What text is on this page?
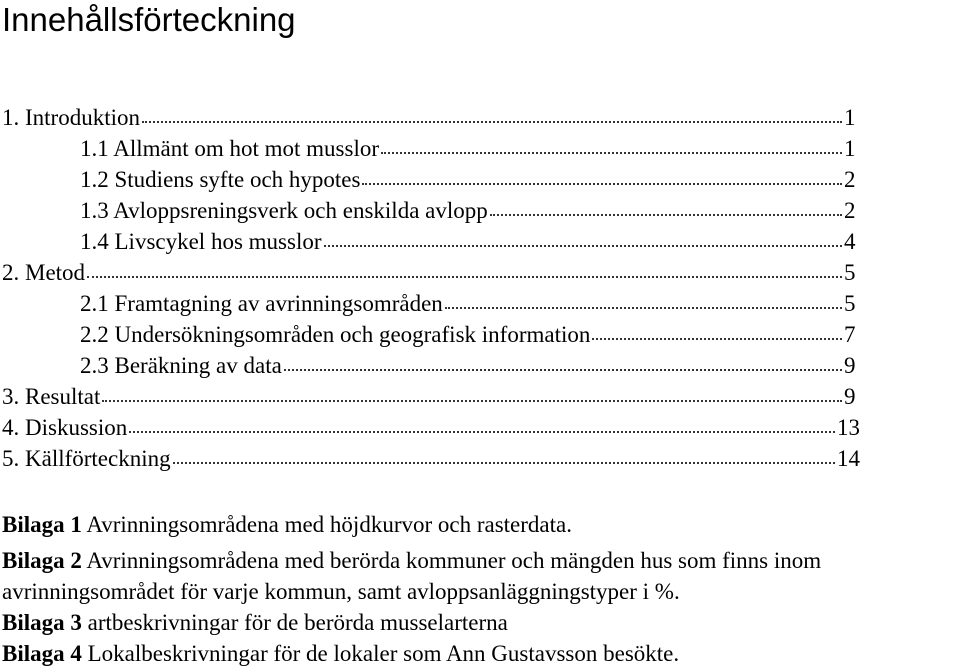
Innehållsförteckning
1. Introduktion	1
1.1 Allmänt om hot mot musslor	1
1.2 Studiens syfte och hypotes	2
1.3 Avloppsreningsverk och enskilda avlopp	2
1.4 Livscykel hos musslor	4
2. Metod	5
2.1 Framtagning av avrinningsområden	5
2.2 Undersökningsområden och geografisk information	7
2.3 Beräkning av data	9
3. Resultat	9
4. Diskussion	13
5. Källförteckning	14
Bilaga 1 Avrinningsområdena med höjdkurvor och rasterdata.
Bilaga 2 Avrinningsområdena med berörda kommuner och mängden hus som finns inom
avrinningsområdet för varje kommun, samt avloppsanläggningstyper i %.
Bilaga 3 artbeskrivningar för de berörda musselarterna
Bilaga 4 Lokalbeskrivningar för de lokaler som Ann Gustavsson besökte.
